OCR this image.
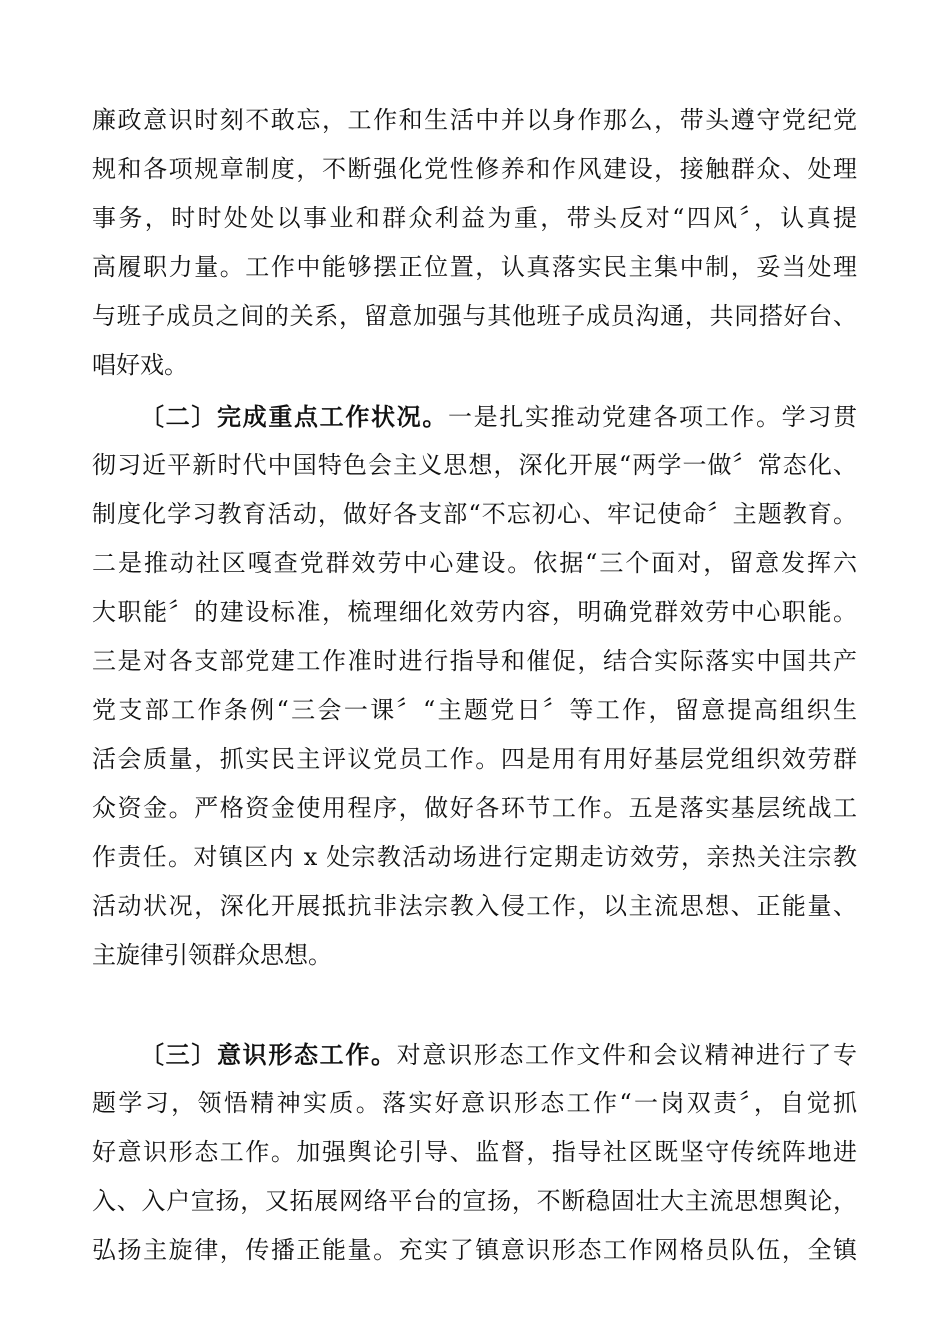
廉政意识时刻不敢忘，工作和生活中并以身作那么，带头遵守党纪党
规和各项规章制度，不断强化党性修养和作风建设，接触群众、处理
事务，时时处处以事业和群众利益为重，带头反对“四风〞，认真提
高履职力量。工作中能够摆正位置，认真落实民主集中制，妥当处理
与班子成员之间的关系，留意加强与其他班子成员沟通，共同搭好台、
唱好戏。
〔二〕完成重点工作状况。一是扎实推动党建各项工作。学习贯
彻习近平新时代中国特色会主义思想，深化开展“两学一做〞常态化、
制度化学习教育活动，做好各支部“不忘初心、牢记使命〞主题教育。
二是推动社区嘎查党群效劳中心建设。依据“三个面对，留意发挥六
大职能〞的建设标准，梳理细化效劳内容，明确党群效劳中心职能。
三是对各支部党建工作准时进行指导和催促，结合实际落实中国共产
党支部工作条例“三会一课〞“主题党日〞等工作，留意提高组织生
活会质量，抓实民主评议党员工作。四是用有用好基层党组织效劳群
众资金。严格资金使用程序，做好各环节工作。五是落实基层统战工
作责任。对镇区内 x 处宗教活动场进行定期走访效劳，亲热关注宗教
活动状况，深化开展抵抗非法宗教入侵工作，以主流思想、正能量、
主旋律引领群众思想。
〔三〕意识形态工作。对意识形态工作文件和会议精神进行了专
题学习，领悟精神实质。落实好意识形态工作“一岗双责〞，自觉抓
好意识形态工作。加强舆论引导、监督，指导社区既坚守传统阵地进
入、入户宣扬，又拓展网络平台的宣扬，不断稳固壮大主流思想舆论，
弘扬主旋律，传播正能量。充实了镇意识形态工作网格员队伍，全镇
